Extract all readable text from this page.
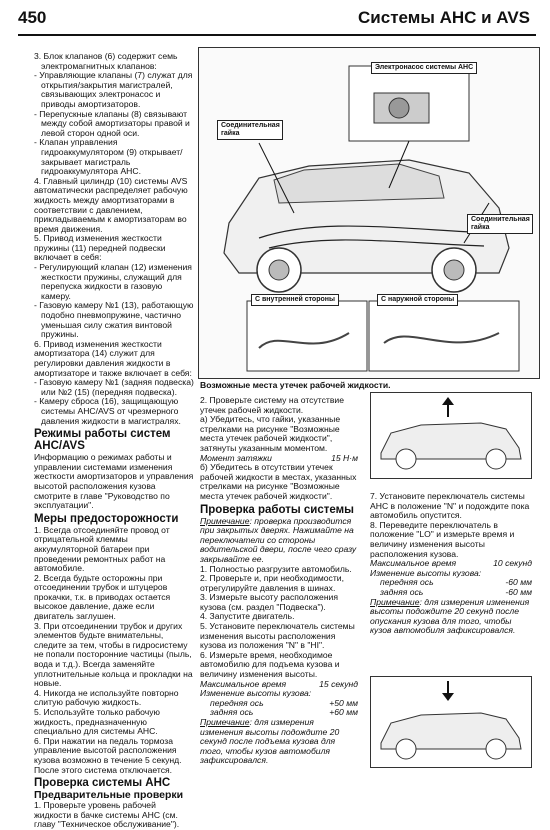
450	Системы АНС и AVS

3. Блок клапанов (6) содержит семь электромагнитных клапанов:

- Управляющие клапаны (7) служат для открытия/закрытия магистралей, связывающих электронасос и приводы амортизаторов.

- Перепускные клапаны (8) связывают между собой амортизаторы правой и левой сторон одной оси.

- Клапан управления гидроаккумулятором (9) открывает/закрывает магистраль гидроаккумулятора АНС.

4. Главный цилиндр (10) системы AVS автоматически распределяет рабочую жидкость между амортизаторами в соответствии с давлением, прикладываемым к амортизаторам во время движения.

5. Привод изменения жесткости пружины (11) передней подвески включает в себя:

- Регулирующий клапан (12) изменения жесткости пружины, служащий для перепуска жидкости в газовую камеру.

- Газовую камеру №1 (13), работающую подобно пневмопружине, частично уменьшая силу сжатия винтовой пружины.

6. Привод изменения жесткости амортизатора (14) служит для регулировки давления жидкости в амортизаторе и также включает в себя:

- Газовую камеру №1 (задняя подвеска) или №2 (15) (передняя подвеска).

- Камеру сброса (16), защищающую системы АНС/AVS от чрезмерного давления жидкости в магистралях.

Режимы работы систем АНС/AVS

Информацию о режимах работы и управлении системами изменения жесткости амортизаторов и управления высотой расположения кузова смотрите в главе "Руководство по эксплуатации".

Меры предосторожности

1. Всегда отсоединяйте провод от отрицательной клеммы аккумуляторной батареи при проведении ремонтных работ на автомобиле.

2. Всегда будьте осторожны при отсоединении трубок и штуцеров прокачки, т.к. в приводах остается высокое давление, даже если двигатель заглушен.

3. При отсоединении трубок и других элементов будьте внимательны, следите за тем, чтобы в гидросистему не попали посторонние частицы (пыль, вода и т.д.). Всегда заменяйте уплотнительные кольца и прокладки на новые.

4. Никогда не используйте повторно слитую рабочую жидкость.

5. Используйте только рабочую жидкость, предназначенную специально для системы АНС.

6. При нажатии на педаль тормоза управление высотой расположения кузова возможно в течение 5 секунд. После этого система отключается.

Проверка системы АНС
Предварительные проверки

1. Проверьте уровень рабочей жидкости в бачке системы АНС (см. главу "Техническое обслуживание").

Электронасос системы АНС
Соединительная гайка
Соединительная гайка
С внутренней стороны	С наружной стороны
Возможные места утечек рабочей жидкости.

2. Проверьте систему на отсутствие утечек рабочей жидкости.

а) Убедитесь, что гайки, указанные стрелками на рисунке "Возможные места утечек рабочей жидкости", затянуты указанным моментом.

Момент затяжки	15 Н·м

б) Убедитесь в отсутствии утечек рабочей жидкости в местах, указанных стрелками на рисунке "Возможные места утечек рабочей жидкости".

Проверка работы системы

Примечание: проверка производится при закрытых дверях. Нажимайте на переключатели со стороны водительской двери, после чего сразу закрывайте ее.

1. Полностью разгрузите автомобиль.

2. Проверьте и, при необходимости, отрегулируйте давления в шинах.

3. Измерьте высоту расположения кузова (см. раздел "Подвеска").

4. Запустите двигатель.

5. Установите переключатель системы изменения высоты расположения кузова из положения "N" в "HI".

6. Измерьте время, необходимое автомобилю для подъема кузова и величину изменения высоты.

Максимальное время	15 секунд

Изменение высоты кузова:

передняя ось	+50 мм
задняя ось	+60 мм

Примечание: для измерения изменения высоты подождите 20 секунд после подъема кузова для того, чтобы кузов автомобиля зафиксировался.

7. Установите переключатель системы АНС в положение "N" и подождите пока автомобиль опустится.

8. Переведите переключатель в положение "LO" и измерьте время и величину изменения высоты расположения кузова.

Максимальное время	10 секунд

Изменение высоты кузова:

передняя ось	-60 мм
задняя ось	-60 мм

Примечание: для измерения изменения высоты подождите 20 секунд после опускания кузова для того, чтобы кузов автомобиля зафиксировался.
